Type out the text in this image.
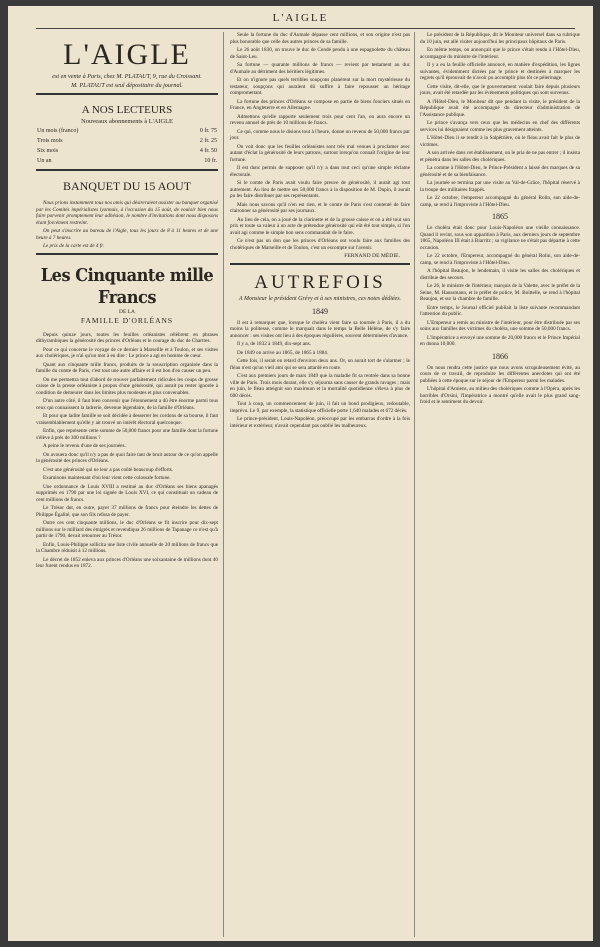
L'AIGLE
L'AIGLE
est en vente à Paris, chez M. PLATAUT, 9, rue du Croissant.
M. PLATAUT est seul dépositaire du journal.
A NOS LECTEURS
Nouveaux abonnements à L'AIGLE
Un mois (franco)	0 fr. 75
Trois mois	2 fr. 25
Six mois	4 fr. 50
Un an	10 fr.
BANQUET DU 15 AOUT

Nous prions instamment tous nos amis qui désireraient assister au banquet organisé par les Comités impérialistes lyonnais, à l'occasion du 15 août, de vouloir bien nous faire parvenir promptement leur adhésion, le nombre d'invitations dont nous disposons étant forcément restreint.

On peut s'inscrire au bureau de l'Aigle, tous les jours de 8 à 11 heures et de une heure à 7 heures.

Le prix de la carte est de 4 fr.

Les Cinquante mille Francs
DE LA
FAMILLE D'ORLÉANS

Depuis quinze jours, toutes les feuilles orléanistes célèbrent en phrases dithyrambiques la générosité des princes d'Orléans et le courage du duc de Chartres.

Pour ce qui concerne le voyage de ce dernier à Marseille et à Toulon, et ses visites aux cholériques, je n'ai qu'un mot à en dire : Le prince a agi en homme de cœur.

Quant aux cinquante mille francs, produits de la souscription organisée dans la famille du comte de Paris, c'est tout une autre affaire et il est bon d'en causer un peu.

On me permettra tout d'abord de trouver parfaitement ridicules les coups de grosse caisse de la presse orléaniste à propos d'une générosité, qui aurait pu rester ignorée à condition de demeurer dans les limites plus modestes et plus convenables.

D'un autre côté, il faut bien convenir que l'étonnement a dû être énorme parmi tous ceux qui connaissent la ladrerie, devenue légendaire, de la famille d'Orléans.

Et pour que ladite famille se soit décidée à desserrer les cordons de sa bourse, il faut vraisemblablement qu'elle y ait trouvé un intérêt électoral quelconque.

Enfin, que représente cette somme de 50,000 francs pour une famille dont la fortune s'élève à près de 300 millions ?

A peine le revenu d'une de ses journées.

On avouera donc qu'il n'y a pas de quoi faire tant de bruit autour de ce qu'on appelle la générosité des princes d'Orléans.

C'est une générosité qui ne leur a pas coûté beaucoup d'efforts.

Examinons maintenant d'où leur vient cette colossale fortune.

Une ordonnance de Louis XVIII a restitué au duc d'Orléans ses biens apanagés supprimés en 1790 par une loi signée de Louis XVI, ce qui constituait un cadeau de cent millions de francs.

Le Trésor dut, en outre, payer 37 millions de francs pour éteindre les dettes de Philippe Égalité, que son fils refusa de payer.

Outre ces cent cinquante millions, le duc d'Orléans se fit inscrire pour dix-sept millions sur le milliard des émigrés et revendiqua 26 millions de Tapanage ce n'est qu'à partir de 1790, devait retourner au Trésor.

Enfin, Louis-Philippe sollicita une liste civile annuelle de 20 millions de francs que la Chambre réduisit à 12 millions.

Le décret de 1852 enleva aux princes d'Orléans une soixantaine de millions dont 40 leur furent rendus en 1872.

Seule la fortune du duc d'Aumale dépasse cent millions, et son origine n'est pas plus honorable que celle des autres princes de sa famille.

Le 26 août 1830, on trouve le duc de Condé pendu à une espagnolette du château de Saint-Leu.

Sa fortune — quarante millions de francs — revient par testament au duc d'Aumale au détriment des héritiers légitimes.

Et on n'ignore pas quels terribles soupçons planèrent sur la mort mystérieuse du testateur, soupçons qui auraient dû suffire à faire repousser un héritage compromettant.

La fortune des princes d'Orléans se compose en partie de biens fonciers situés en France, en Angleterre et en Allemagne.

Admettons qu'elle rapporte seulement trois pour cent l'an, on aura encore un revenu annuel de près de 10 millions de francs.

Ce qui, comme nous le disions tout à l'heure, donne un revenu de 50,000 francs par jour.

On voit donc que les feuilles orléanistes sont très mal venues à proclamer avec autant d'éclat la générosité de leurs patrons, surtout lorsqu'on connaît l'origine de leur fortune.

Il est donc permis de supposer qu'il n'y a dans tout ceci qu'une simple réclame électorale.

Si le comte de Paris avait voulu faire preuve de générosité, il aurait agi tout autrement. Au lieu de mettre ses 50,000 francs à la disposition de M. Dupin, il aurait pu les faire distribuer par ses représentants.

Mais nous savons qu'il n'en est rien, et le comte de Paris s'est contenté de faire claironner sa générosité par ses journaux.

Au lieu de cela, on a joué de la clarinette et de la grosse caisse et on a été tout son prix et toute sa valeur à un acte de prétendue générosité qui eût été tout simple, si l'on avait agi comme le simple bon sens commandait de le faire.

Ce n'est pas un don que les princes d'Orléans ont voulu faire aux familles des cholériques de Marseille et de Toulon, c'est un escompte sur l'avenir.

FERNAND DE MÉDIE.
AUTREFOIS
A Monsieur le président Grévy et à ses ministres, ces notes dédiées.
1849

Il est à remarquer que, lorsque le choléra vient faire sa tournée à Paris, il a du moins la politesse, comme le marquait dans le temps la Belle Hélène, de s'y faire annoncer : ses visites ont lieu à des époques régulières, souvent déterminées d'avance.

Il y a, de 1832 à 1849, dix-sept ans.

De 1849 on arrive au 1865, de 1865 à 1884.

Cette fois, il serait en retard d'environ deux ans. Or, on aurait tort de s'alarmer ; le fléau n'est qu'un vieil ami qui se sera attardé en route.

C'est aux premiers jours de mars 1849 que la maladie fit sa rentrée dans sa bonne ville de Paris. Trois mois durant, elle s'y séjourna sans causer de grands ravages ; mais en juin, le fléau atteignit son maximum et la mortalité quotidienne s'éleva à plus de 600 décès.

Tout à coup, un commencement de juin, il fait un bond prodigieux, redoutable, imprévu. Le 9, par exemple, la statistique officielle porte 1,640 malades et 672 décès.

Le prince-président, Louis-Napoléon, préoccupé par les embarras d'ordre à la fois intérieur et extérieur, n'avait cependant pas oublié les malheureux.

Le président de la République, dit le Moniteur universel dans sa rubrique du 10 juin, est allé visiter aujourd'hui les principaux hôpitaux de Paris.

En même temps, on annonçait que le prince s'était rendu à l'Hôtel-Dieu, accompagné du ministre de l'intérieur.

Il y a eu la feuille officielle annoncé, en matière d'expédition, les lignes suivantes, évidemment dictées par le prince et destinées à marquer les regrets qu'il éprouvait de n'avoir pu accomplir plus tôt ce pèlerinage.

Cette visite, dit-elle, que le gouvernement voulait faire depuis plusieurs jours, avait été retardée par les événements politiques qui sont survenus.

A l'Hôtel-Dieu, le Moniteur dit que pendant la visite, le président de la République avait été accompagné du directeur d'administration de l'Assistance publique.

Le prince s'avança vers ceux que les médecins en chef des différents services lui désignaient comme les plus gravement atteints.

L'Hôtel-Dieu il se rendit à la Salpêtrière, où le fléau avait fait le plus de victimes.

A son arrivée dans cet établissement, on le pria de ne pas entrer ; il insista et pénétra dans les salles des cholériques.

La comme à l'Hôtel-Dieu, le Prince-Président a laissé des marques de sa générosité et de sa bienfaisance.

La journée se termina par une visite au Val-de-Grâce, l'hôpital réservé à la troupe des militaires frappés.

Le 22 octobre, l'empereur accompagné du général Rolin, son aide-de-camp, se rend à l'improviste à l'Hôtel-Dieu.

1865

Le choléra était donc pour Louis-Napoléon une vieille connaissance. Quand il revint, sous son apparition à Paris, aux derniers jours de septembre 1865, Napoléon III était à Biarritz ; sa vigilance ne s'était pas départie à cette occasion.

Le 22 octobre, l'Empereur, accompagné du général Rolin, son aide-de-camp, se rend à l'improviste à l'Hôtel-Dieu.

A l'hôpital Beaujon, le lendemain, il visite les salles des cholériques et distribue des secours.

Le 26, le ministre de l'intérieur, marquis de la Valette, avec le préfet de la Seine, M. Haussmann, et le préfet de police, M. Boittelle, se rend à l'hôpital Beaujon, et sur la chambre de famille.

Entre temps, le Journal officiel publiait la liste suivante recommandant l'attention du public.

L'Empereur a remis au ministre de l'intérieur, pour être distribuée par ses soins aux familles des victimes du choléra, une somme de 50,000 francs.

L'Impératrice a envoyé une somme de 20,000 francs et le Prince Impérial en donna 10,000.

1866

On nous rendra cette justice que nous avons scrupuleusement évité, au cours de ce travail, de reproduire les différentes anecdotes qui ont été publiées à cette époque sur le séjour de l'Empereur parmi les malades.

L'hôpital d'Amiens, au milieu des cholériques comme à l'Opéra, après les horribles d'Orsini, l'Impératrice a montré qu'elle avait le plus grand sang-froid et le sentiment du devoir.
